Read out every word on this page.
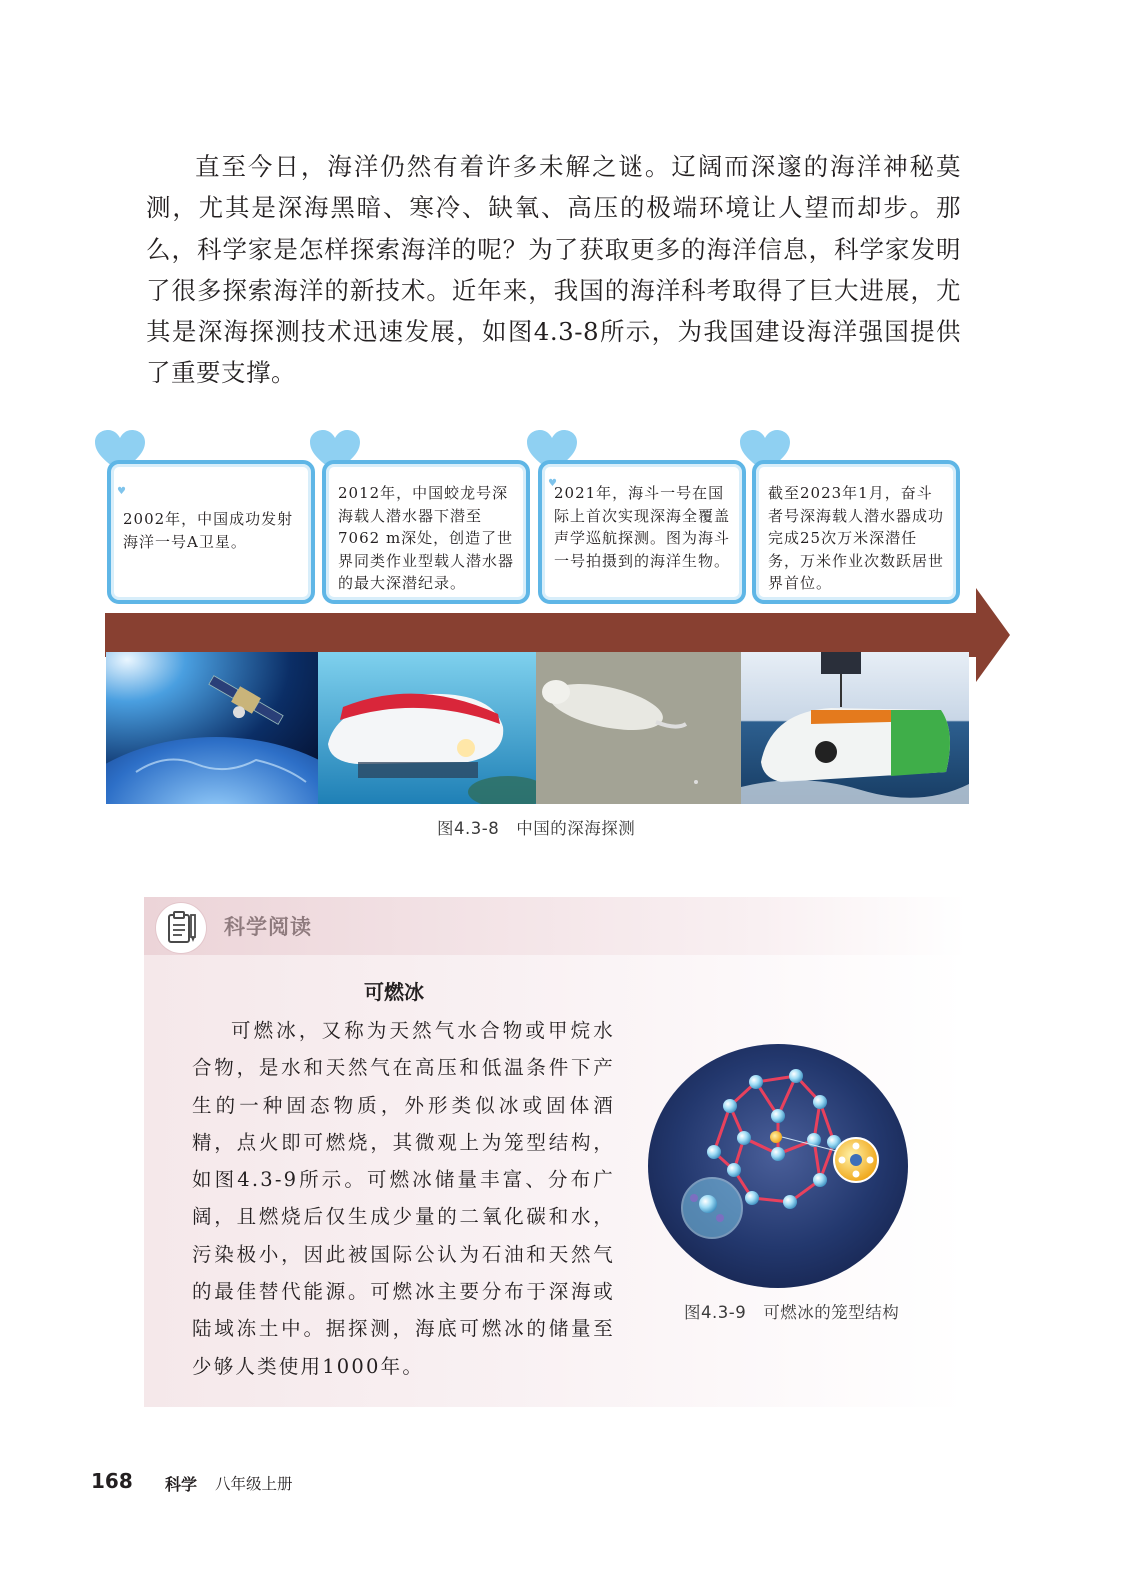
直至今日，海洋仍然有着许多未解之谜。辽阔而深邃的海洋神秘莫测，尤其是深海黑暗、寒冷、缺氧、高压的极端环境让人望而却步。那么，科学家是怎样探索海洋的呢？为了获取更多的海洋信息，科学家发明了很多探索海洋的新技术。近年来，我国的海洋科考取得了巨大进展，尤其是深海探测技术迅速发展，如图4.3-8所示，为我国建设海洋强国提供了重要支撑。

♥
2002年，中国成功发射海洋一号A卫星。
2012年，中国蛟龙号深海载人潜水器下潜至7062 m深处，创造了世界同类作业型载人潜水器的最大深潜纪录。
♥
2021年，海斗一号在国际上首次实现深海全覆盖声学巡航探测。图为海斗一号拍摄到的海洋生物。
截至2023年1月，奋斗者号深海载人潜水器成功完成25次万米深潜任务，万米作业次数跃居世界首位。
图4.3-8　中国的深海探测
科学阅读
可燃冰

可燃冰，又称为天然气水合物或甲烷水合物，是水和天然气在高压和低温条件下产生的一种固态物质，外形类似冰或固体酒精，点火即可燃烧，其微观上为笼型结构，如图4.3-9所示。可燃冰储量丰富、分布广阔，且燃烧后仅生成少量的二氧化碳和水，污染极小，因此被国际公认为石油和天然气的最佳替代能源。可燃冰主要分布于深海或陆域冻土中。据探测，海底可燃冰的储量至少够人类使用1000年。

图4.3-9　可燃冰的笼型结构
168 科学 八年级上册
